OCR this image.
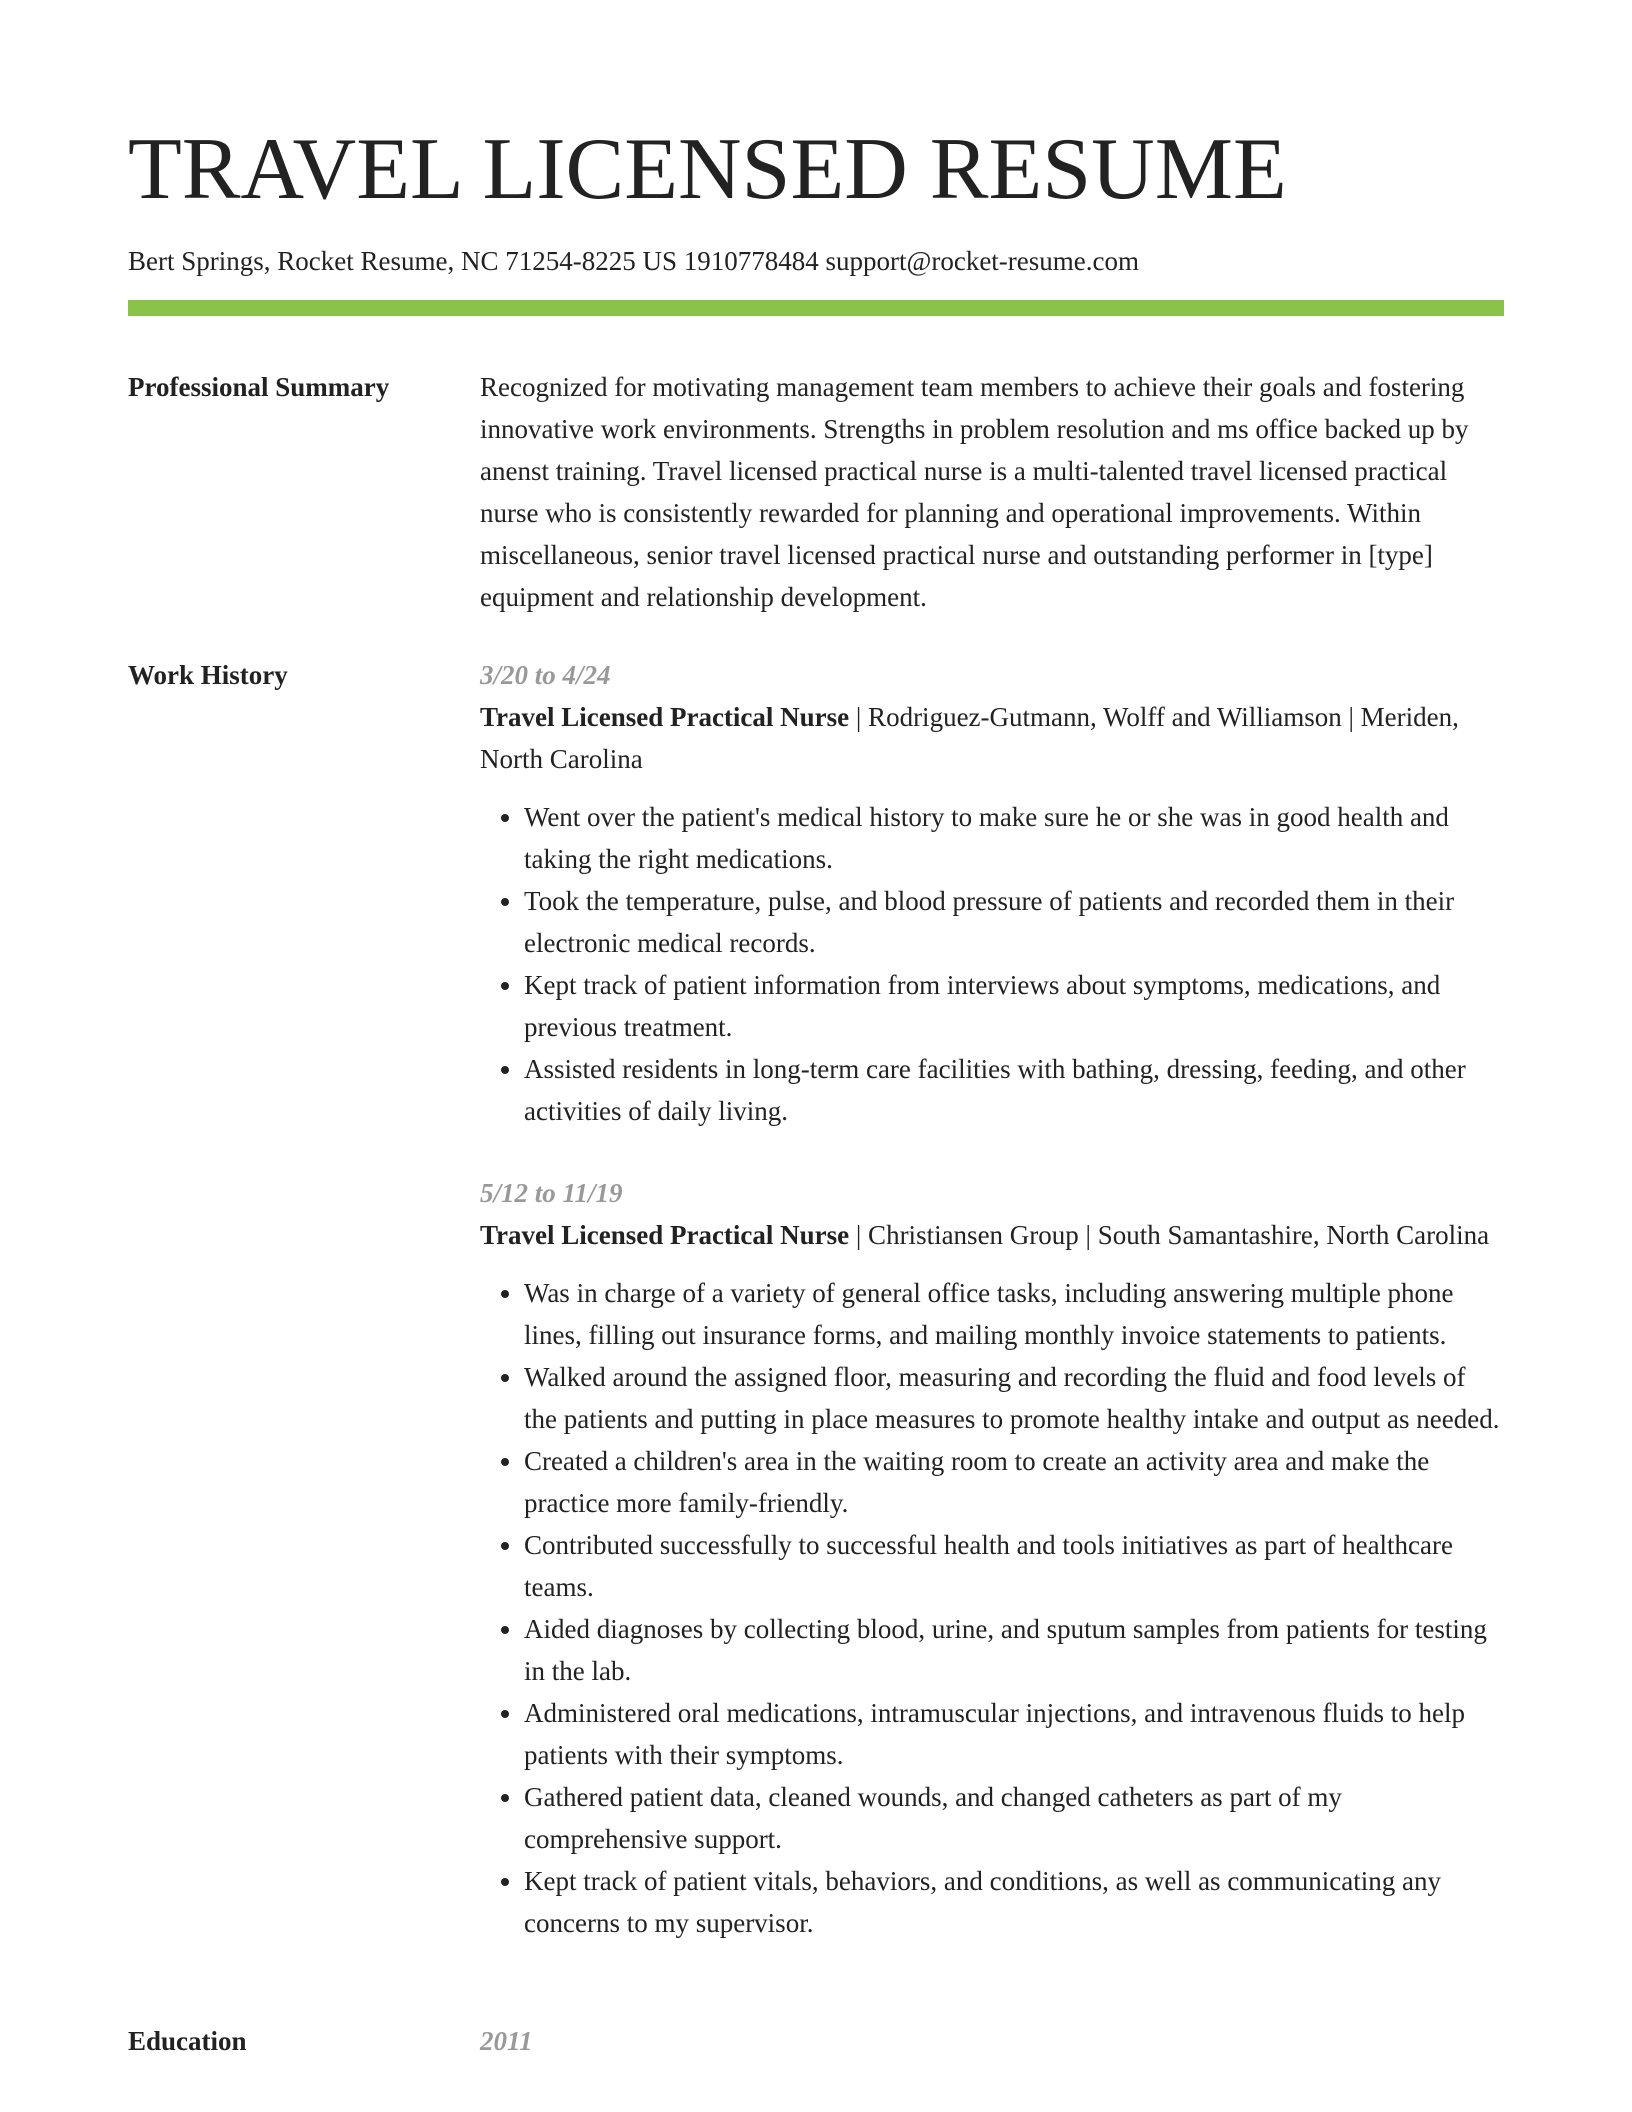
TRAVEL LICENSED RESUME
Bert Springs, Rocket Resume, NC 71254-8225 US 1910778484 support@rocket-resume.com
Professional Summary	Recognized for motivating management team members to achieve their goals and fostering innovative work environments. Strengths in problem resolution and ms office backed up by anenst training. Travel licensed practical nurse is a multi-talented travel licensed practical nurse who is consistently rewarded for planning and operational improvements. Within miscellaneous, senior travel licensed practical nurse and outstanding performer in [type] equipment and relationship development.

Work History	3/20 to 4/24
Travel Licensed Practical Nurse | Rodriguez-Gutmann, Wolff and Williamson | Meriden, North Carolina
• Went over the patient's medical history to make sure he or she was in good health and taking the right medications.
• Took the temperature, pulse, and blood pressure of patients and recorded them in their electronic medical records.
• Kept track of patient information from interviews about symptoms, medications, and previous treatment.
• Assisted residents in long-term care facilities with bathing, dressing, feeding, and other activities of daily living.
5/12 to 11/19
Travel Licensed Practical Nurse | Christiansen Group | South Samantashire, North Carolina
• Was in charge of a variety of general office tasks, including answering multiple phone lines, filling out insurance forms, and mailing monthly invoice statements to patients.
• Walked around the assigned floor, measuring and recording the fluid and food levels of the patients and putting in place measures to promote healthy intake and output as needed.
• Created a children's area in the waiting room to create an activity area and make the practice more family-friendly.
• Contributed successfully to successful health and tools initiatives as part of healthcare teams.
• Aided diagnoses by collecting blood, urine, and sputum samples from patients for testing in the lab.
• Administered oral medications, intramuscular injections, and intravenous fluids to help patients with their symptoms.
• Gathered patient data, cleaned wounds, and changed catheters as part of my comprehensive support.
• Kept track of patient vitals, behaviors, and conditions, as well as communicating any concerns to my supervisor.
Education	2011
